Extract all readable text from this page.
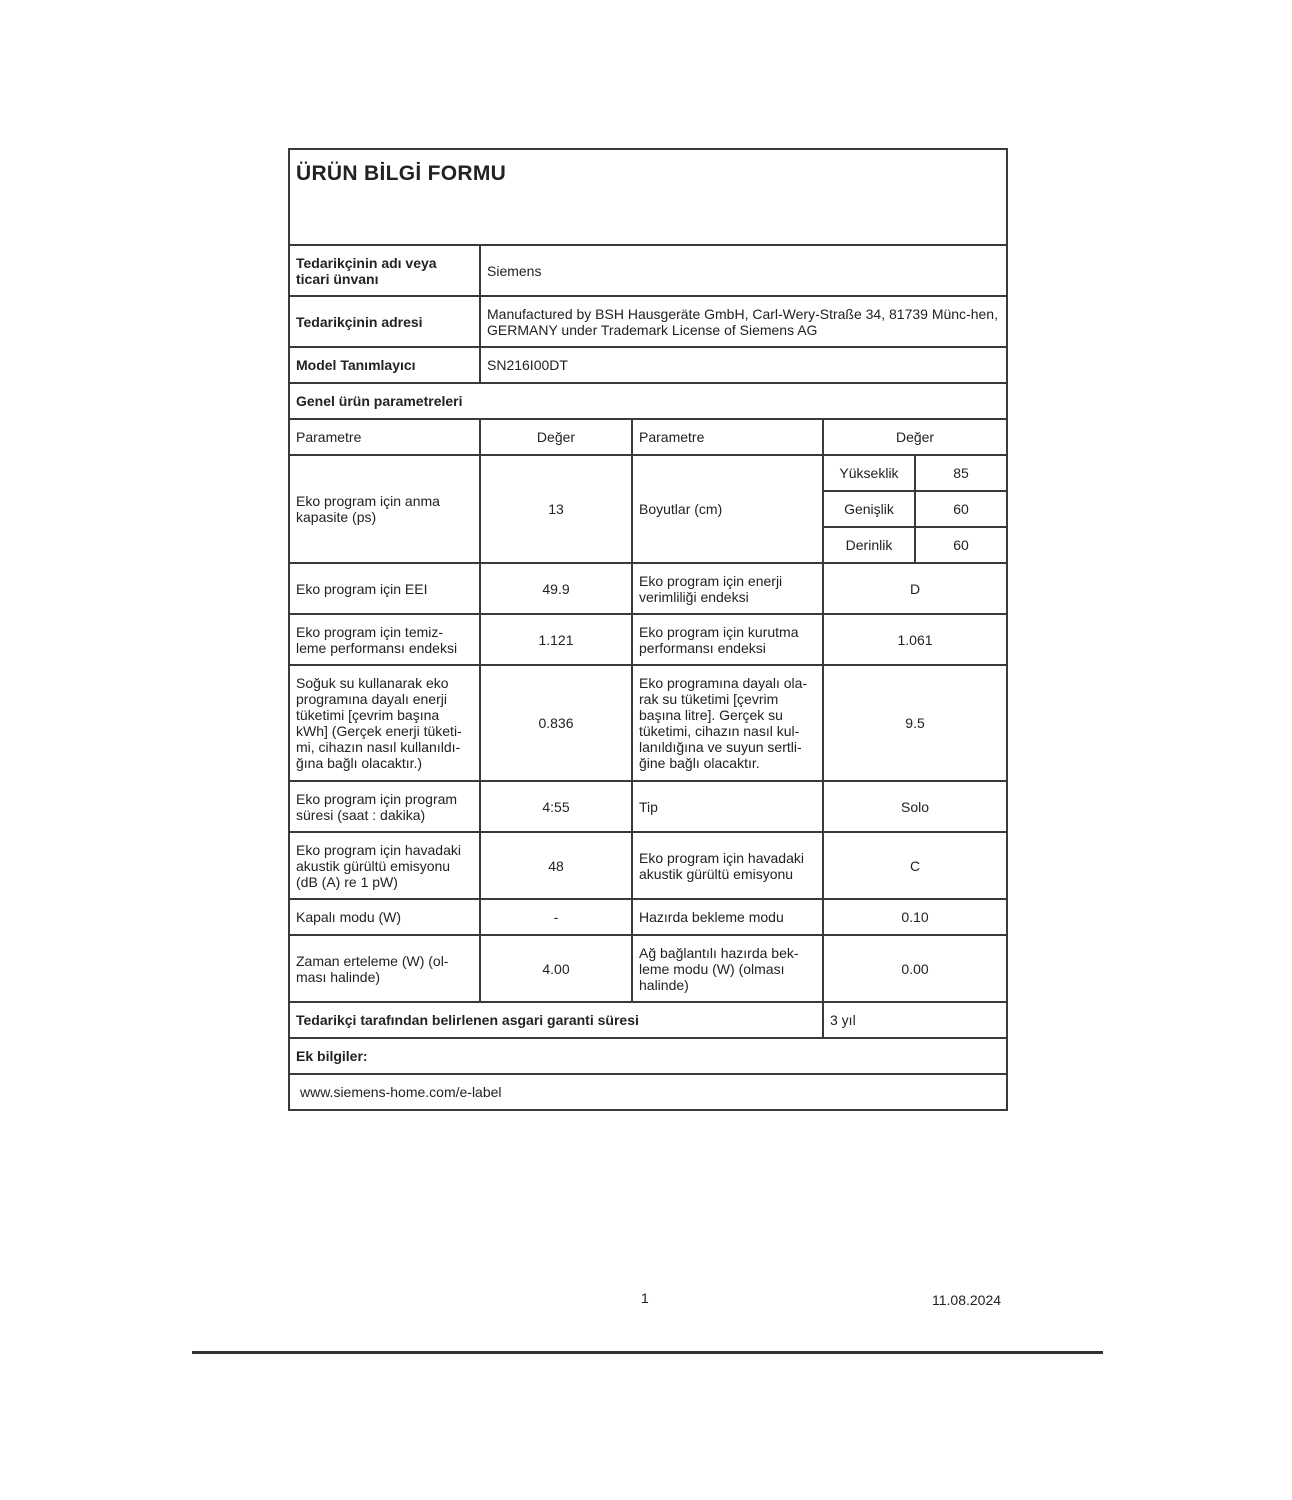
ÜRÜN BİLGİ FORMU				
Tedarikçinin adı veya ticari ünvanı	Siemens			
Tedarikçinin adresi	Manufactured by BSH Hausgeräte GmbH, Carl-Wery-Straße 34, 81739 Münc-hen, GERMANY under Trademark License of Siemens AG			
Model Tanımlayıcı	SN216I00DT			
Genel ürün parametreleri				
Parametre	Değer	Parametre	Değer	
Eko program için anma kapasite (ps)	13	Boyutlar (cm)	Yükseklik	85
			Genişlik	60
			Derinlik	60
Eko program için EEI	49.9	Eko program için enerji verimliliği endeksi	D	
Eko program için temiz-leme performansı endeksi	1.121	Eko program için kurutma performansı endeksi	1.061	
Soğuk su kullanarak eko programına dayalı enerji tüketimi [çevrim başına kWh] (Gerçek enerji tüketi-mi, cihazın nasıl kullanıldı-ğına bağlı olacaktır.)	0.836	Eko programına dayalı ola-rak su tüketimi [çevrim başına litre]. Gerçek su tüketimi, cihazın nasıl kul-lanıldığına ve suyun sertli-ğine bağlı olacaktır.	9.5	
Eko program için program süresi (saat : dakika)	4:55	Tip	Solo	
Eko program için havadaki akustik gürültü emisyonu (dB (A) re 1 pW)	48	Eko program için havadaki akustik gürültü emisyonu	C	
Kapalı modu (W)	-	Hazırda bekleme modu	0.10	
Zaman erteleme (W) (ol-ması halinde)	4.00	Ağ bağlantılı hazırda bek-leme modu (W) (olması halinde)	0.00	
Tedarikçi tarafından belirlenen asgari garanti süresi			3 yıl	
Ek bilgiler:				
www.siemens-home.com/e-label				
1	11.08.2024
